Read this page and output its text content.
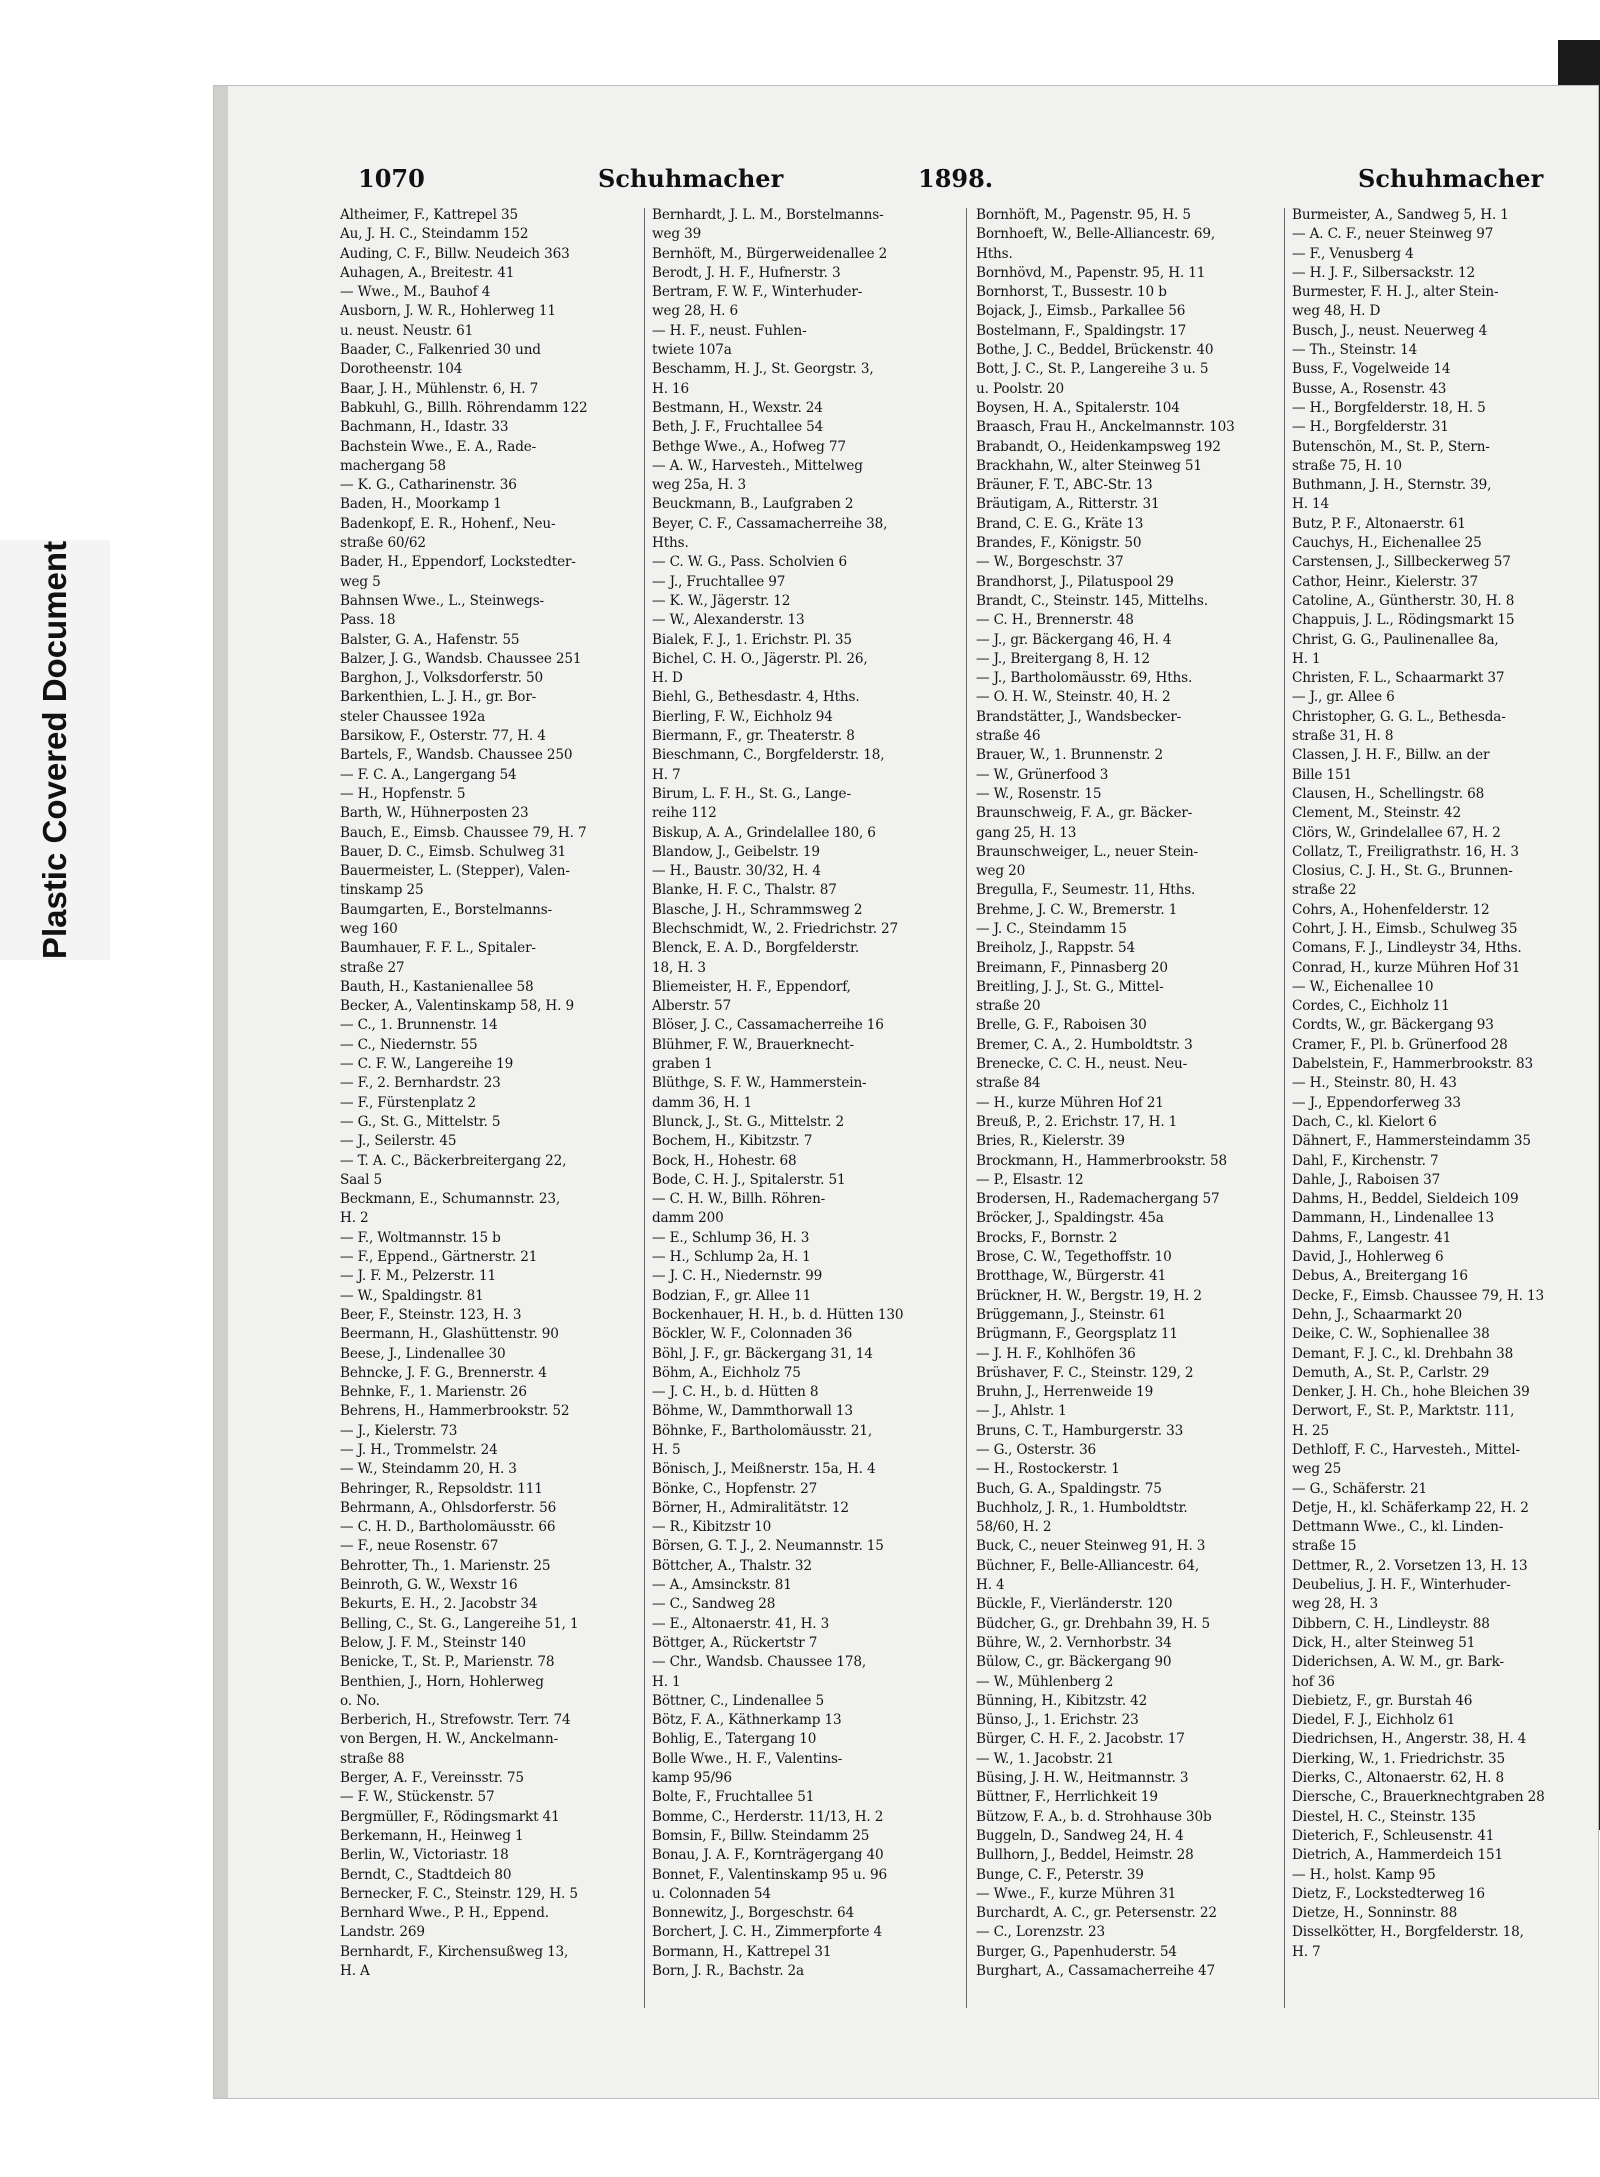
Plastic Covered Document
1070	Schuhmacher	1898.	Schuhmacher
Altheimer, F., Kattrepel 35
Au, J. H. C., Steindamm 152
Auding, C. F., Billw. Neudeich 363
Auhagen, A., Breitestr. 41
— Wwe., M., Bauhof 4
Ausborn, J. W. R., Hohlerweg 11
u. neust. Neustr. 61
Baader, C., Falkenried 30 und
Dorotheenstr. 104
Baar, J. H., Mühlenstr. 6, H. 7
Babkuhl, G., Billh. Röhrendamm 122
Bachmann, H., Idastr. 33
Bachstein Wwe., E. A., Rade-
machergang 58
— K. G., Catharinenstr. 36
Baden, H., Moorkamp 1
Badenkopf, E. R., Hohenf., Neu-
straße 60/62
Bader, H., Eppendorf, Lockstedter-
weg 5
Bahnsen Wwe., L., Steinwegs-
Pass. 18
Balster, G. A., Hafenstr. 55
Balzer, J. G., Wandsb. Chaussee 251
Barghon, J., Volksdorferstr. 50
Barkenthien, L. J. H., gr. Bor-
steler Chaussee 192a
Barsikow, F., Osterstr. 77, H. 4
Bartels, F., Wandsb. Chaussee 250
— F. C. A., Langergang 54
— H., Hopfenstr. 5
Barth, W., Hühnerposten 23
Bauch, E., Eimsb. Chaussee 79, H. 7
Bauer, D. C., Eimsb. Schulweg 31
Bauermeister, L. (Stepper), Valen-
tinskamp 25
Baumgarten, E., Borstelmanns-
weg 160
Baumhauer, F. F. L., Spitaler-
straße 27
Bauth, H., Kastanienallee 58
Becker, A., Valentinskamp 58, H. 9
— C., 1. Brunnenstr. 14
— C., Niedernstr. 55
— C. F. W., Langereihe 19
— F., 2. Bernhardstr. 23
— F., Fürstenplatz 2
— G., St. G., Mittelstr. 5
— J., Seilerstr. 45
— T. A. C., Bäckerbreitergang 22,
Saal 5
Beckmann, E., Schumannstr. 23,
H. 2
— F., Woltmannstr. 15 b
— F., Eppend., Gärtnerstr. 21
— J. F. M., Pelzerstr. 11
— W., Spaldingstr. 81
Beer, F., Steinstr. 123, H. 3
Beermann, H., Glashüttenstr. 90
Beese, J., Lindenallee 30
Behncke, J. F. G., Brennerstr. 4
Behnke, F., 1. Marienstr. 26
Behrens, H., Hammerbrookstr. 52
— J., Kielerstr. 73
— J. H., Trommelstr. 24
— W., Steindamm 20, H. 3
Behringer, R., Repsoldstr. 111
Behrmann, A., Ohlsdorferstr. 56
— C. H. D., Bartholomäusstr. 66
— F., neue Rosenstr. 67
Behrotter, Th., 1. Marienstr. 25
Beinroth, G. W., Wexstr 16
Bekurts, E. H., 2. Jacobstr 34
Belling, C., St. G., Langereihe 51, 1
Below, J. F. M., Steinstr 140
Benicke, T., St. P., Marienstr. 78
Benthien, J., Horn, Hohlerweg
o. No.
Berberich, H., Strefowstr. Terr. 74
von Bergen, H. W., Anckelmann-
straße 88
Berger, A. F., Vereinsstr. 75
— F. W., Stückenstr. 57
Bergmüller, F., Rödingsmarkt 41
Berkemann, H., Heinweg 1
Berlin, W., Victoriastr. 18
Berndt, C., Stadtdeich 80
Bernecker, F. C., Steinstr. 129, H. 5
Bernhard Wwe., P. H., Eppend.
Landstr. 269
Bernhardt, F., Kirchensußweg 13,
H. A
Bernhardt, J. L. M., Borstelmanns-
weg 39
Bernhöft, M., Bürgerweidenallee 2
Berodt, J. H. F., Hufnerstr. 3
Bertram, F. W. F., Winterhuder-
weg 28, H. 6
— H. F., neust. Fuhlen-
twiete 107a
Beschamm, H. J., St. Georgstr. 3,
H. 16
Bestmann, H., Wexstr. 24
Beth, J. F., Fruchtallee 54
Bethge Wwe., A., Hofweg 77
— A. W., Harvesteh., Mittelweg
weg 25a, H. 3
Beuckmann, B., Laufgraben 2
Beyer, C. F., Cassamacherreihe 38,
Hths.
— C. W. G., Pass. Scholvien 6
— J., Fruchtallee 97
— K. W., Jägerstr. 12
— W., Alexanderstr. 13
Bialek, F. J., 1. Erichstr. Pl. 35
Bichel, C. H. O., Jägerstr. Pl. 26,
H. D
Biehl, G., Bethesdastr. 4, Hths.
Bierling, F. W., Eichholz 94
Biermann, F., gr. Theaterstr. 8
Bieschmann, C., Borgfelderstr. 18,
H. 7
Birum, L. F. H., St. G., Lange-
reihe 112
Biskup, A. A., Grindelallee 180, 6
Blandow, J., Geibelstr. 19
— H., Baustr. 30/32, H. 4
Blanke, H. F. C., Thalstr. 87
Blasche, J. H., Schrammsweg 2
Blechschmidt, W., 2. Friedrichstr. 27
Blenck, E. A. D., Borgfelderstr.
18, H. 3
Bliemeister, H. F., Eppendorf,
Alberstr. 57
Blöser, J. C., Cassamacherreihe 16
Blühmer, F. W., Brauerknecht-
graben 1
Blüthge, S. F. W., Hammerstein-
damm 36, H. 1
Blunck, J., St. G., Mittelstr. 2
Bochem, H., Kibitzstr. 7
Bock, H., Hohestr. 68
Bode, C. H. J., Spitalerstr. 51
— C. H. W., Billh. Röhren-
damm 200
— E., Schlump 36, H. 3
— H., Schlump 2a, H. 1
— J. C. H., Niedernstr. 99
Bodzian, F., gr. Allee 11
Bockenhauer, H. H., b. d. Hütten 130
Böckler, W. F., Colonnaden 36
Böhl, J. F., gr. Bäckergang 31, 14
Böhm, A., Eichholz 75
— J. C. H., b. d. Hütten 8
Böhme, W., Dammthorwall 13
Böhnke, F., Bartholomäusstr. 21,
H. 5
Bönisch, J., Meißnerstr. 15a, H. 4
Bönke, C., Hopfenstr. 27
Börner, H., Admiralitätstr. 12
— R., Kibitzstr 10
Börsen, G. T. J., 2. Neumannstr. 15
Böttcher, A., Thalstr. 32
— A., Amsinckstr. 81
— C., Sandweg 28
— E., Altonaerstr. 41, H. 3
Böttger, A., Rückertstr 7
— Chr., Wandsb. Chaussee 178,
H. 1
Böttner, C., Lindenallee 5
Bötz, F. A., Käthnerkamp 13
Bohlig, E., Tatergang 10
Bolle Wwe., H. F., Valentins-
kamp 95/96
Bolte, F., Fruchtallee 51
Bomme, C., Herderstr. 11/13, H. 2
Bomsin, F., Billw. Steindamm 25
Bonau, J. A. F., Kornträgergang 40
Bonnet, F., Valentinskamp 95 u. 96
u. Colonnaden 54
Bonnewitz, J., Borgeschstr. 64
Borchert, J. C. H., Zimmerpforte 4
Bormann, H., Kattrepel 31
Born, J. R., Bachstr. 2a
Bornhöft, M., Pagenstr. 95, H. 5
Bornhoeft, W., Belle-Alliancestr. 69,
Hths.
Bornhövd, M., Papenstr. 95, H. 11
Bornhorst, T., Bussestr. 10 b
Bojack, J., Eimsb., Parkallee 56
Bostelmann, F., Spaldingstr. 17
Bothe, J. C., Beddel, Brückenstr. 40
Bott, J. C., St. P., Langereihe 3 u. 5
u. Poolstr. 20
Boysen, H. A., Spitalerstr. 104
Braasch, Frau H., Anckelmannstr. 103
Brabandt, O., Heidenkampsweg 192
Brackhahn, W., alter Steinweg 51
Bräuner, F. T., ABC-Str. 13
Bräutigam, A., Ritterstr. 31
Brand, C. E. G., Kräte 13
Brandes, F., Königstr. 50
— W., Borgeschstr. 37
Brandhorst, J., Pilatuspool 29
Brandt, C., Steinstr. 145, Mittelhs.
— C. H., Brennerstr. 48
— J., gr. Bäckergang 46, H. 4
— J., Breitergang 8, H. 12
— J., Bartholomäusstr. 69, Hths.
— O. H. W., Steinstr. 40, H. 2
Brandstätter, J., Wandsbecker-
straße 46
Brauer, W., 1. Brunnenstr. 2
— W., Grünerfood 3
— W., Rosenstr. 15
Braunschweig, F. A., gr. Bäcker-
gang 25, H. 13
Braunschweiger, L., neuer Stein-
weg 20
Bregulla, F., Seumestr. 11, Hths.
Brehme, J. C. W., Bremerstr. 1
— J. C., Steindamm 15
Breiholz, J., Rappstr. 54
Breimann, F., Pinnasberg 20
Breitling, J. J., St. G., Mittel-
straße 20
Brelle, G. F., Raboisen 30
Bremer, C. A., 2. Humboldtstr. 3
Brenecke, C. C. H., neust. Neu-
straße 84
— H., kurze Mühren Hof 21
Breuß, P., 2. Erichstr. 17, H. 1
Bries, R., Kielerstr. 39
Brockmann, H., Hammerbrookstr. 58
— P., Elsastr. 12
Brodersen, H., Rademachergang 57
Bröcker, J., Spaldingstr. 45a
Brocks, F., Bornstr. 2
Brose, C. W., Tegethoffstr. 10
Brotthage, W., Bürgerstr. 41
Brückner, H. W., Bergstr. 19, H. 2
Brüggemann, J., Steinstr. 61
Brügmann, F., Georgsplatz 11
— J. H. F., Kohlhöfen 36
Brüshaver, F. C., Steinstr. 129, 2
Bruhn, J., Herrenweide 19
— J., Ahlstr. 1
Bruns, C. T., Hamburgerstr. 33
— G., Osterstr. 36
— H., Rostockerstr. 1
Buch, G. A., Spaldingstr. 75
Buchholz, J. R., 1. Humboldtstr.
58/60, H. 2
Buck, C., neuer Steinweg 91, H. 3
Büchner, F., Belle-Alliancestr. 64,
H. 4
Bückle, F., Vierländerstr. 120
Büdcher, G., gr. Drehbahn 39, H. 5
Bühre, W., 2. Vernhorbstr. 34
Bülow, C., gr. Bäckergang 90
— W., Mühlenberg 2
Bünning, H., Kibitzstr. 42
Bünso, J., 1. Erichstr. 23
Bürger, C. H. F., 2. Jacobstr. 17
— W., 1. Jacobstr. 21
Büsing, J. H. W., Heitmannstr. 3
Büttner, F., Herrlichkeit 19
Bützow, F. A., b. d. Strohhause 30b
Buggeln, D., Sandweg 24, H. 4
Bullhorn, J., Beddel, Heimstr. 28
Bunge, C. F., Peterstr. 39
— Wwe., F., kurze Mühren 31
Burchardt, A. C., gr. Petersenstr. 22
— C., Lorenzstr. 23
Burger, G., Papenhuderstr. 54
Burghart, A., Cassamacherreihe 47
Burmeister, A., Sandweg 5, H. 1
— A. C. F., neuer Steinweg 97
— F., Venusberg 4
— H. J. F., Silbersackstr. 12
Burmester, F. H. J., alter Stein-
weg 48, H. D
Busch, J., neust. Neuerweg 4
— Th., Steinstr. 14
Buss, F., Vogelweide 14
Busse, A., Rosenstr. 43
— H., Borgfelderstr. 18, H. 5
— H., Borgfelderstr. 31
Butenschön, M., St. P., Stern-
straße 75, H. 10
Buthmann, J. H., Sternstr. 39,
H. 14
Butz, P. F., Altonaerstr. 61
Cauchys, H., Eichenallee 25
Carstensen, J., Sillbeckerweg 57
Cathor, Heinr., Kielerstr. 37
Catoline, A., Güntherstr. 30, H. 8
Chappuis, J. L., Rödingsmarkt 15
Christ, G. G., Paulinenallee 8a,
H. 1
Christen, F. L., Schaarmarkt 37
— J., gr. Allee 6
Christopher, G. G. L., Bethesda-
straße 31, H. 8
Classen, J. H. F., Billw. an der
Bille 151
Clausen, H., Schellingstr. 68
Clement, M., Steinstr. 42
Clörs, W., Grindelallee 67, H. 2
Collatz, T., Freiligrathstr. 16, H. 3
Closius, C. J. H., St. G., Brunnen-
straße 22
Cohrs, A., Hohenfelderstr. 12
Cohrt, J. H., Eimsb., Schulweg 35
Comans, F. J., Lindleystr 34, Hths.
Conrad, H., kurze Mühren Hof 31
— W., Eichenallee 10
Cordes, C., Eichholz 11
Cordts, W., gr. Bäckergang 93
Cramer, F., Pl. b. Grünerfood 28
Dabelstein, F., Hammerbrookstr. 83
— H., Steinstr. 80, H. 43
— J., Eppendorferweg 33
Dach, C., kl. Kielort 6
Dähnert, F., Hammersteindamm 35
Dahl, F., Kirchenstr. 7
Dahle, J., Raboisen 37
Dahms, H., Beddel, Sieldeich 109
Dammann, H., Lindenallee 13
Dahms, F., Langestr. 41
David, J., Hohlerweg 6
Debus, A., Breitergang 16
Decke, F., Eimsb. Chaussee 79, H. 13
Dehn, J., Schaarmarkt 20
Deike, C. W., Sophienallee 38
Demant, F. J. C., kl. Drehbahn 38
Demuth, A., St. P., Carlstr. 29
Denker, J. H. Ch., hohe Bleichen 39
Derwort, F., St. P., Marktstr. 111,
H. 25
Dethloff, F. C., Harvesteh., Mittel-
weg 25
— G., Schäferstr. 21
Detje, H., kl. Schäferkamp 22, H. 2
Dettmann Wwe., C., kl. Linden-
straße 15
Dettmer, R., 2. Vorsetzen 13, H. 13
Deubelius, J. H. F., Winterhuder-
weg 28, H. 3
Dibbern, C. H., Lindleystr. 88
Dick, H., alter Steinweg 51
Diderichsen, A. W. M., gr. Bark-
hof 36
Diebietz, F., gr. Burstah 46
Diedel, F. J., Eichholz 61
Diedrichsen, H., Angerstr. 38, H. 4
Dierking, W., 1. Friedrichstr. 35
Dierks, C., Altonaerstr. 62, H. 8
Diersche, C., Brauerknechtgraben 28
Diestel, H. C., Steinstr. 135
Dieterich, F., Schleusenstr. 41
Dietrich, A., Hammerdeich 151
— H., holst. Kamp 95
Dietz, F., Lockstedterweg 16
Dietze, H., Sonninstr. 88
Disselkötter, H., Borgfelderstr. 18,
H. 7
